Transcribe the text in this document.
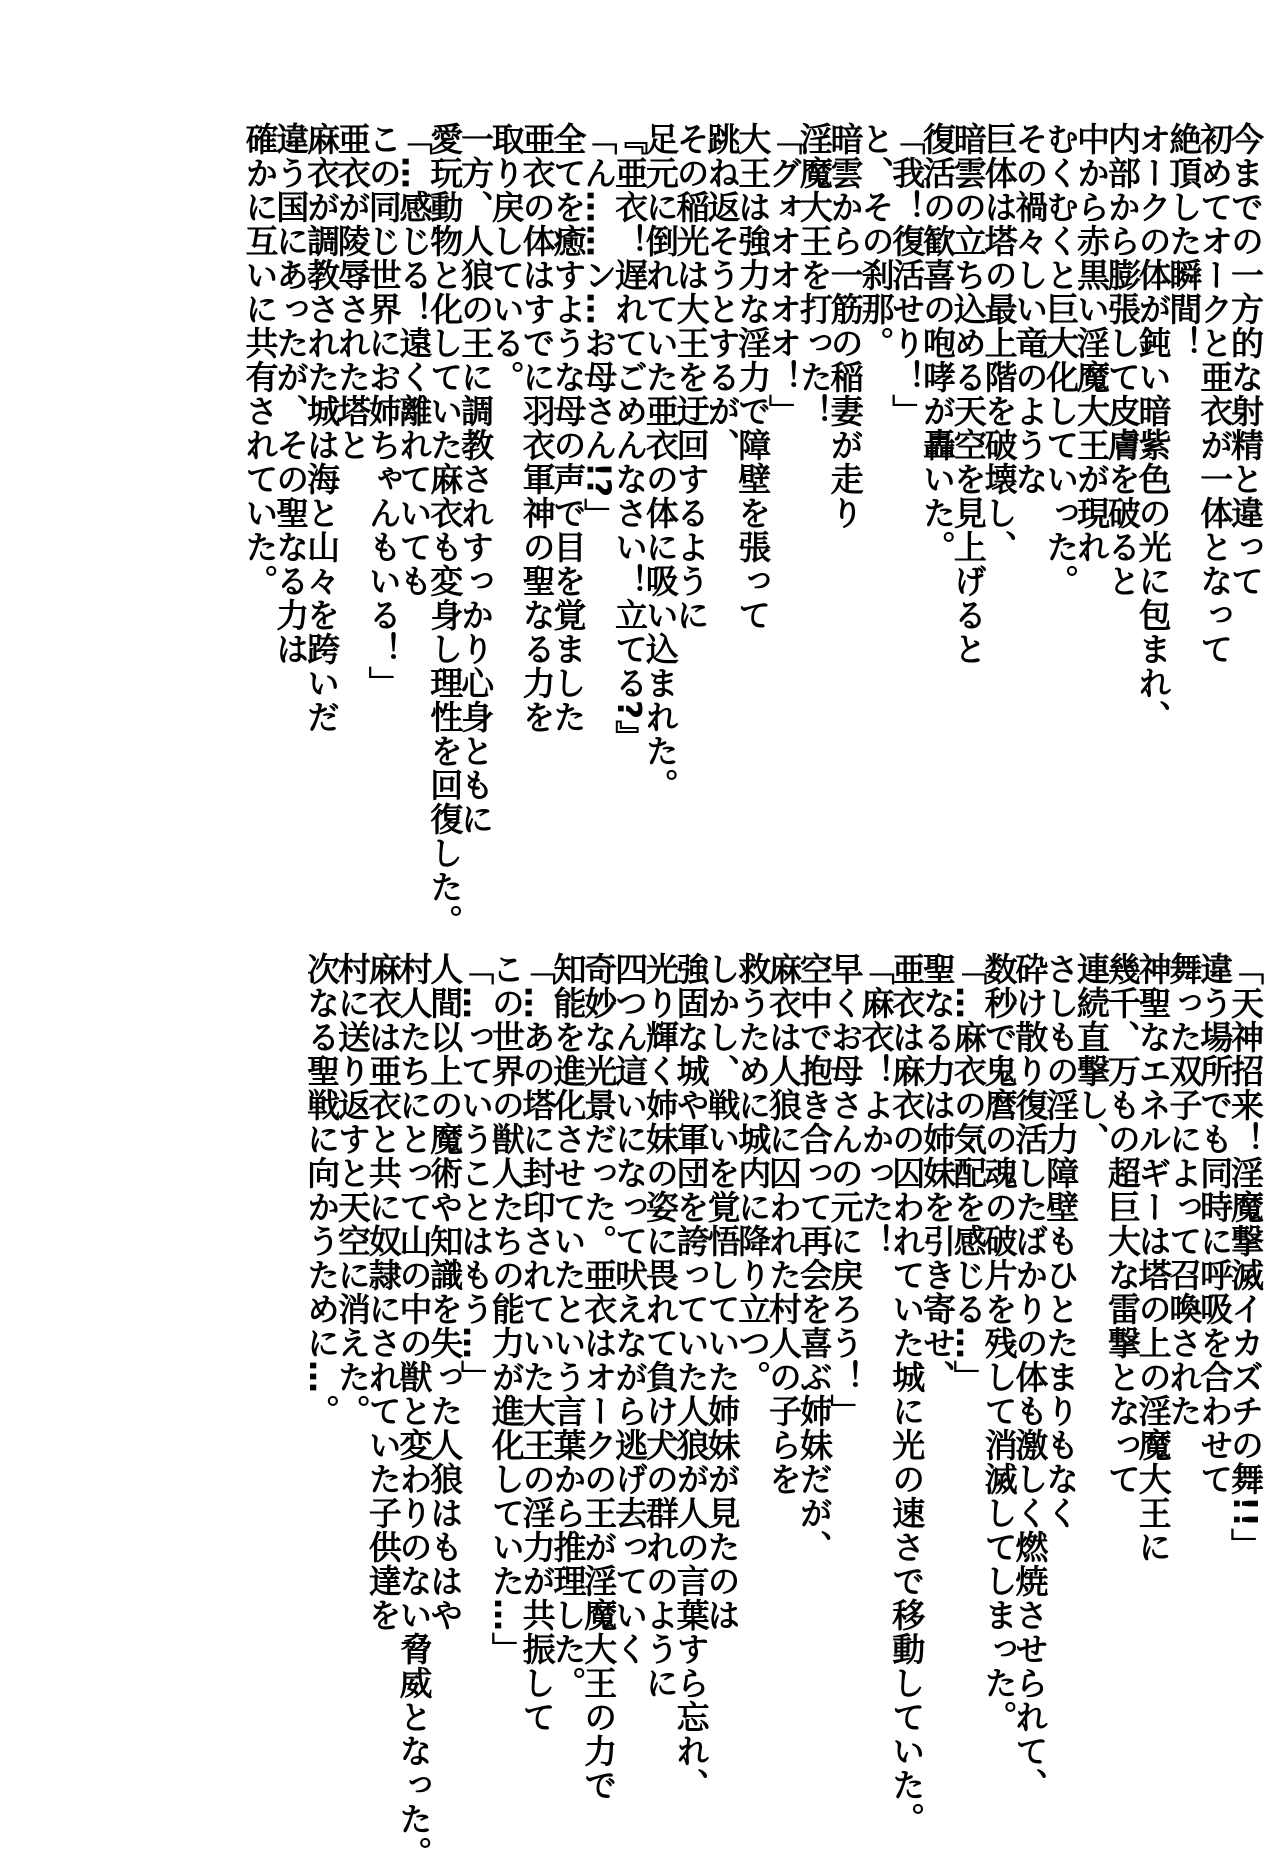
今までの一方的な射精と違って
初めてオークと亜衣が一体となって
絶頂した瞬間！
オークの体が鈍い暗紫色の光に包まれ、
内部から膨張して皮膚を破ると
中から赤黒い淫魔大王が現れ
むくむくと巨大化していった。
その禍々しい竜のような
巨体は塔の最上階を破壊し、
暗雲の立ち込める天空を見上げると
復活の歓喜の咆哮が轟いた。
「我！復活せり！」
と、その刹那。
暗雲から一筋の稲妻が走り
淫魔大王を打った！
「グォオオオオ！」
大王は強力な淫力で障壁を張って
跳ね返そうとするが、
その稲光は大王を迂回するように
足元に倒れていた亜衣の体に吸い込まれた。
『亜衣！遅れてごめんなさい！立てる?』
「ん……ン…お母さん!?」
全てを癒すような母の声で目を覚ました
亜衣の体はすでに羽衣軍神の聖なる力を
取り戻している。
一方、人狼の王に調教されすっかり心身ともに
愛玩動物と化していた麻衣も変身し理性を回復した。
「…感じる！遠く離れていても
この同じ世界にお姉ちゃんもいる！」
亜衣が陵辱された塔と
麻衣が調教された城は海と山々を跨いだ
違う国にあったが、その聖なる力は
確かに互いに共有されていた。
「天神招来！淫魔撃滅イカズチの舞!!」
違う場所でも同時に呼吸を合わせて
舞った双子によって召喚された
神聖なエネルギーは塔の上の淫魔大王に
幾千、万もの超巨大な雷撃となって
連続直撃し、
さしもの淫力障壁もひとたまりもなく
砕け散り復活したばかりの体も激しく燃焼させられて、
数秒で鬼麿の魂の破片を残して消滅してしまった。
「…麻衣の気配を感じる…」
聖なる力は姉妹を引き寄せ、
亜衣は麻衣の囚われていた城に光の速さで移動していた。
「麻衣！よかった！
早くお母さんの元に戻ろう！」
空中で抱き合って再会を喜ぶ姉妹だが、
麻衣は人狼に囚われた村人の子らを
救うために城内に降り立つ。
しかし、戦いを覚悟していた姉妹が見たのは
強固な城や軍団を誇っていた人狼が人の言葉すら忘れ、
光り輝く姉妹の姿に畏れて負け犬の群れのように
四つん這いになって吠えながら逃げ去っていく
奇妙な光景だった。亜衣はオークの王が淫魔大王の力で
知能を進化させていたという言葉から推理した。
「…あの塔に封印されていた大王の淫力が共振して
この世界の獣人たちの能力が進化していた…」
「…っていうことはもう…」
人間以上の魔術や知識を失った人狼はもはや
村人たちにとって山の中の獣と変わりのない脅威となった。
麻衣は亜衣と共に奴隷にされていた子供達を
村に送り返すと天空に消えた。
次なる聖戦に向かうために…。
